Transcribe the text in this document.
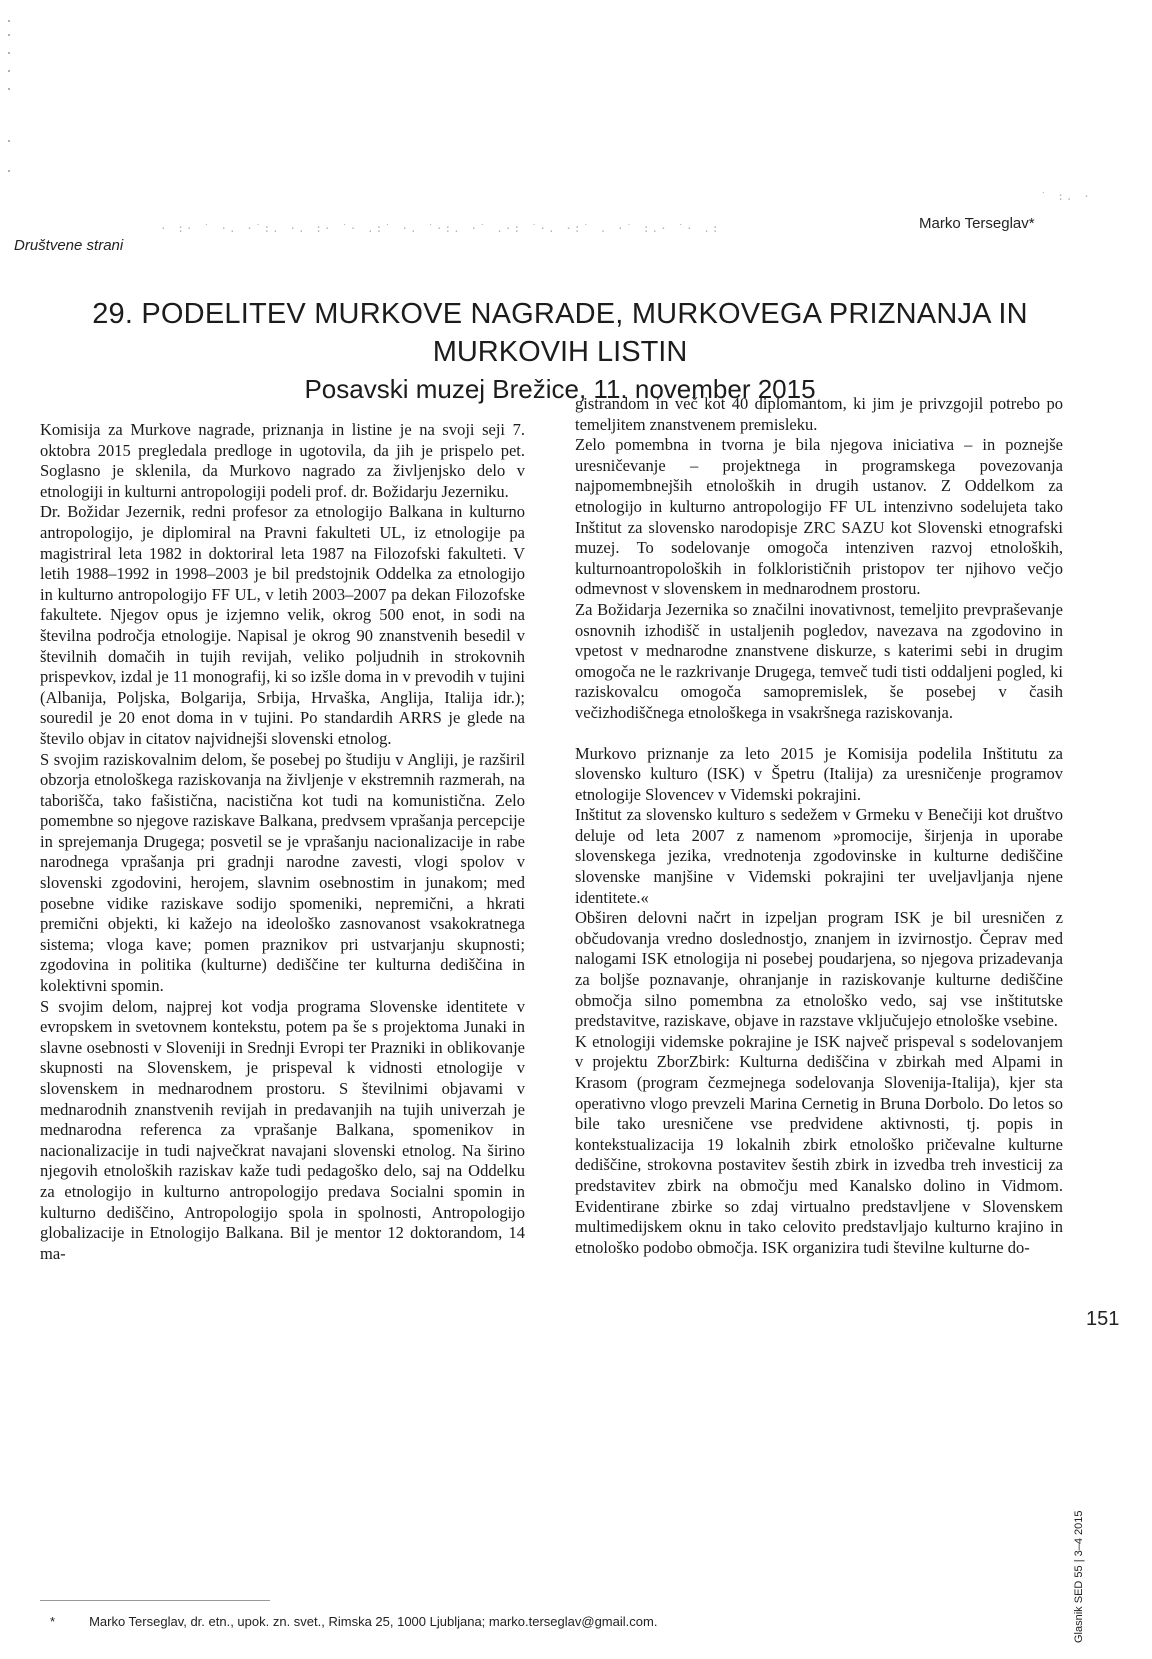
· :· ˙ ·. ·˙:. ·. :· ˙· .:˙ ·. ˙·:. ·˙ .·: ˙·. ·:˙ . ·˙ :.· ˙· .:
˙ :. ·
Društvene strani
Marko Terseglav*
29. PODELITEV MURKOVE NAGRADE, MURKOVEGA PRIZNANJA IN
MURKOVIH LISTIN
Posavski muzej Brežice, 11. november 2015

Komisija za Murkove nagrade, priznanja in listine je na svoji seji 7. oktobra 2015 pregledala predloge in ugotovila, da jih je prispelo pet. Soglasno je sklenila, da Murkovo nagrado za življenjsko delo v etnologiji in kulturni antropologiji podeli prof. dr. Božidarju Jezerniku.

Dr. Božidar Jezernik, redni profesor za etnologijo Balkana in kulturno antropologijo, je diplomiral na Pravni fakulteti UL, iz etnologije pa magistriral leta 1982 in doktoriral leta 1987 na Filozofski fakulteti. V letih 1988–1992 in 1998–2003 je bil predstojnik Oddelka za etnologijo in kulturno antropologijo FF UL, v letih 2003–2007 pa dekan Filozofske fakultete. Njegov opus je izjemno velik, okrog 500 enot, in sodi na številna področja etnologije. Napisal je okrog 90 znanstvenih besedil v številnih domačih in tujih revijah, veliko poljudnih in strokovnih prispevkov, izdal je 11 monografij, ki so izšle doma in v prevodih v tujini (Albanija, Poljska, Bolgarija, Srbija, Hrvaška, Anglija, Italija idr.); souredil je 20 enot doma in v tujini. Po standardih ARRS je glede na število objav in citatov najvidnejši slovenski etnolog.

S svojim raziskovalnim delom, še posebej po študiju v Angliji, je razširil obzorja etnološkega raziskovanja na življenje v ekstremnih razmerah, na taborišča, tako fašistična, nacistična kot tudi na komunistična. Zelo pomembne so njegove raziskave Balkana, predvsem vprašanja percepcije in sprejemanja Drugega; posvetil se je vprašanju nacionalizacije in rabe narodnega vprašanja pri gradnji narodne zavesti, vlogi spolov v slovenski zgodovini, herojem, slavnim osebnostim in junakom; med posebne vidike raziskave sodijo spomeniki, nepremični, a hkrati premični objekti, ki kažejo na ideološko zasnovanost vsakokratnega sistema; vloga kave; pomen praznikov pri ustvarjanju skupnosti; zgodovina in politika (kulturne) dediščine ter kulturna dediščina in kolektivni spomin.

S svojim delom, najprej kot vodja programa Slovenske identitete v evropskem in svetovnem kontekstu, potem pa še s projektoma Junaki in slavne osebnosti v Sloveniji in Srednji Evropi ter Prazniki in oblikovanje skupnosti na Slovenskem, je prispeval k vidnosti etnologije v slovenskem in mednarodnem prostoru. S številnimi objavami v mednarodnih znanstvenih revijah in predavanjih na tujih univerzah je mednarodna referenca za vprašanje Balkana, spomenikov in nacionalizacije in tudi največkrat navajani slovenski etnolog. Na širino njegovih etnoloških raziskav kaže tudi pedagoško delo, saj na Oddelku za etnologijo in kulturno antropologijo predava Socialni spomin in kulturno dediščino, Antropologijo spola in spolnosti, Antropologijo globalizacije in Etnologijo Balkana. Bil je mentor 12 doktorandom, 14 ma-

gistrandom in več kot 40 diplomantom, ki jim je privzgojil potrebo po temeljitem znanstvenem premisleku.

Zelo pomembna in tvorna je bila njegova iniciativa – in poznejše uresničevanje – projektnega in programskega povezovanja najpomembnejših etnoloških in drugih ustanov. Z Oddelkom za etnologijo in kulturno antropologijo FF UL intenzivno sodelujeta tako Inštitut za slovensko narodopisje ZRC SAZU kot Slovenski etnografski muzej. To sodelovanje omogoča intenziven razvoj etnoloških, kulturnoantropoloških in folklorističnih pristopov ter njihovo večjo odmevnost v slovenskem in mednarodnem prostoru.

Za Božidarja Jezernika so značilni inovativnost, temeljito prevpraševanje osnovnih izhodišč in ustaljenih pogledov, navezava na zgodovino in vpetost v mednarodne znanstvene diskurze, s katerimi sebi in drugim omogoča ne le razkrivanje Drugega, temveč tudi tisti oddaljeni pogled, ki raziskovalcu omogoča samopremislek, še posebej v časih večizhodiščnega etnološkega in vsakršnega raziskovanja.

Murkovo priznanje za leto 2015 je Komisija podelila Inštitutu za slovensko kulturo (ISK) v Špetru (Italija) za uresničenje programov etnologije Slovencev v Videmski pokrajini.

Inštitut za slovensko kulturo s sedežem v Grmeku v Benečiji kot društvo deluje od leta 2007 z namenom »promocije, širjenja in uporabe slovenskega jezika, vrednotenja zgodovinske in kulturne dediščine slovenske manjšine v Videmski pokrajini ter uveljavljanja njene identitete.«

Obširen delovni načrt in izpeljan program ISK je bil uresničen z občudovanja vredno doslednostjo, znanjem in izvirnostjo. Čeprav med nalogami ISK etnologija ni posebej poudarjena, so njegova prizadevanja za boljše poznavanje, ohranjanje in raziskovanje kulturne dediščine območja silno pomembna za etnološko vedo, saj vse inštitutske predstavitve, raziskave, objave in razstave vključujejo etnološke vsebine.

K etnologiji videmske pokrajine je ISK največ prispeval s sodelovanjem v projektu ZborZbirk: Kulturna dediščina v zbirkah med Alpami in Krasom (program čezmejnega sodelovanja Slovenija-Italija), kjer sta operativno vlogo prevzeli Marina Cernetig in Bruna Dorbolo. Do letos so bile tako uresničene vse predvidene aktivnosti, tj. popis in kontekstualizacija 19 lokalnih zbirk etnološko pričevalne kulturne dediščine, strokovna postavitev šestih zbirk in izvedba treh investicij za predstavitev zbirk na območju med Kanalsko dolino in Vidmom. Evidentirane zbirke so zdaj virtualno predstavljene v Slovenskem multimedijskem oknu in tako celovito predstavljajo kulturno krajino in etnološko podobo območja. ISK organizira tudi številne kulturne do-

*	Marko Terseglav, dr. etn., upok. zn. svet., Rimska 25, 1000 Ljubljana; marko.terseglav@gmail.com.
151
Glasnik SED 55 | 3–4 2015
